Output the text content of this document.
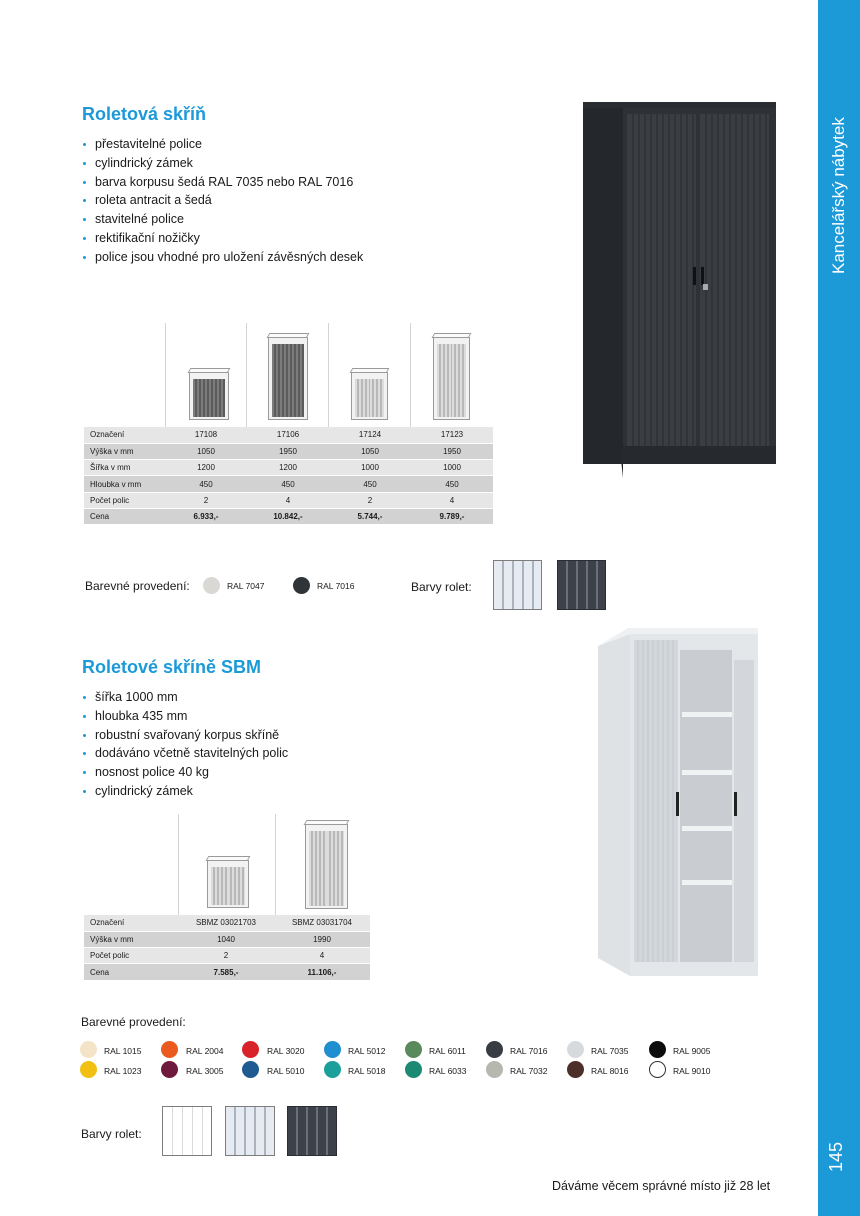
Kancelářský nábytek
145
Roletová skříň
přestavitelné police
cylindrický zámek
barva korpusu šedá RAL 7035 nebo RAL 7016
roleta antracit a šedá
stavitelné police
rektifikační nožičky
police jsou vhodné pro uložení závěsných desek
Označení	17108	17106	17124	17123
Výška v mm	1050	1950	1050	1950
Šířka v mm	1200	1200	1000	1000
Hloubka v mm	450	450	450	450
Počet polic	2	4	2	4
Cena	6.933,-	10.842,-	5.744,-	9.789,-
Barevné provedení:	RAL 7047	RAL 7016	Barvy rolet:
Roletové skříně SBM
šířka 1000 mm
hloubka 435 mm
robustní svařovaný korpus skříně
dodáváno včetně stavitelných polic
nosnost police 40 kg
cylindrický zámek
Označení	SBMZ 03021703	SBMZ 03031704
Výška v mm	1040	1990
Počet polic	2	4
Cena	7.585,-	11.106,-
Barevné provedení:
RAL 1015	RAL 2004	RAL 3020	RAL 5012	RAL 6011	RAL 7016	RAL 7035	RAL 9005
RAL 1023	RAL 3005	RAL 5010	RAL 5018	RAL 6033	RAL 7032	RAL 8016	RAL 9010
Barvy rolet:
Dáváme věcem správné místo již 28 let
